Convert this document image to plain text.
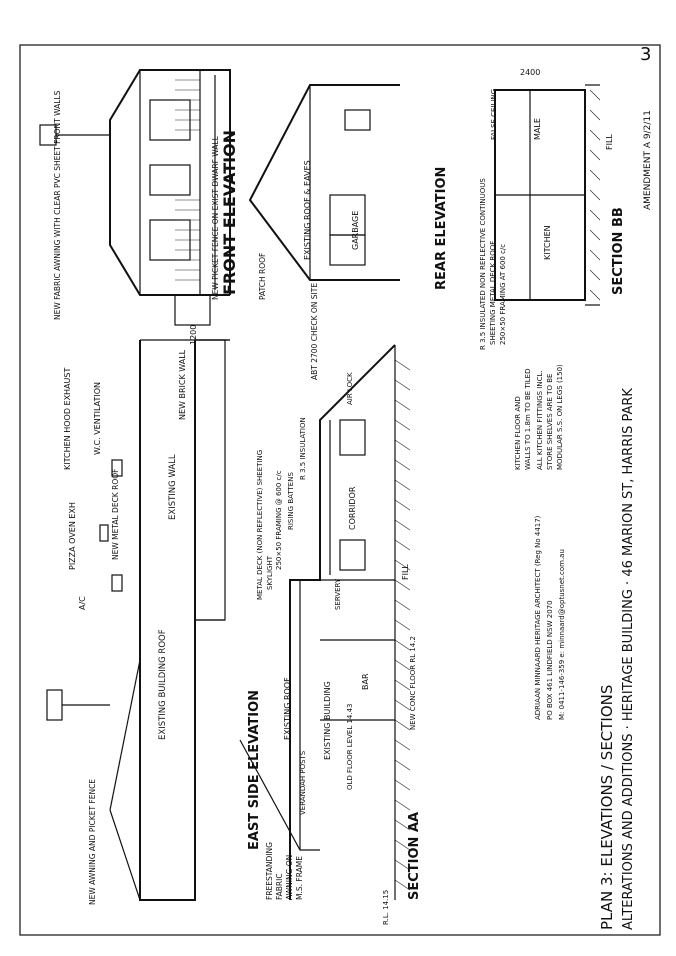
3
AMENDMENT A 9/2/11
FRONT ELEVATION
NEW PICKET FENCE ON EXIST DWARF WALL
NEW FABRIC AWNING WITH CLEAR PVC SHEET FRONT WALLS
1200
PATCH ROOF
EXISTING ROOF & EAVES	GARBAGE
ABT 2700 CHECK ON SITE
REAR ELEVATION	R 3.5 INSULATED NON REFLECTIVE CONTINUOUS SHEETING METAL DECK ROOF 250×50 FRAMING AT 600 c/c
FALSE CEILING	MALE
KITCHEN
FILL
2400
SECTION BB
KITCHEN FLOOR AND WALLS TO 1.8m TO BE TILED ALL KITCHEN FITTINGS INCL. STORE SHELVES ARE TO BE MODULAR S.S. ON LEGS (150)
NEW AWNING AND PICKET FENCE
EXISTING BUILDING ROOF
A/C
PIZZA OVEN EXH	NEW METAL DECK ROOF
KITCHEN HOOD EXHAUST	W.C. VENTILATION
EXISTING WALL
NEW BRICK WALL
EAST SIDE ELEVATION
FREESTANDING FABRIC AWNING ON M.S. FRAME
R.L. 14.15
VERANDAH POSTS
EXISTING ROOF	EXISTING BUILDING OLD FLOOR LEVEL 14.43
BAR	NEW CONC FLOOR RL 14.2
SERVERY
CORRIDOR
AIR LOCK
FILL
METAL DECK (NON REFLECTIVE) SHEETING SKYLIGHT
250×50 FRAMING @ 600 c/c RISING BATTENS
R 3.5 INSULATION
SECTION AA
ADRIAAN MINNAARD HERITAGE ARCHITECT (Reg No 4417) PO BOX 461 LINDFIELD NSW 2070 M: 0411-146-359 e: minnaard@optusnet.com.au
PLAN 3: ELEVATIONS / SECTIONS ALTERATIONS AND ADDITIONS · HERITAGE BUILDING · 46 MARION ST, HARRIS PARK
